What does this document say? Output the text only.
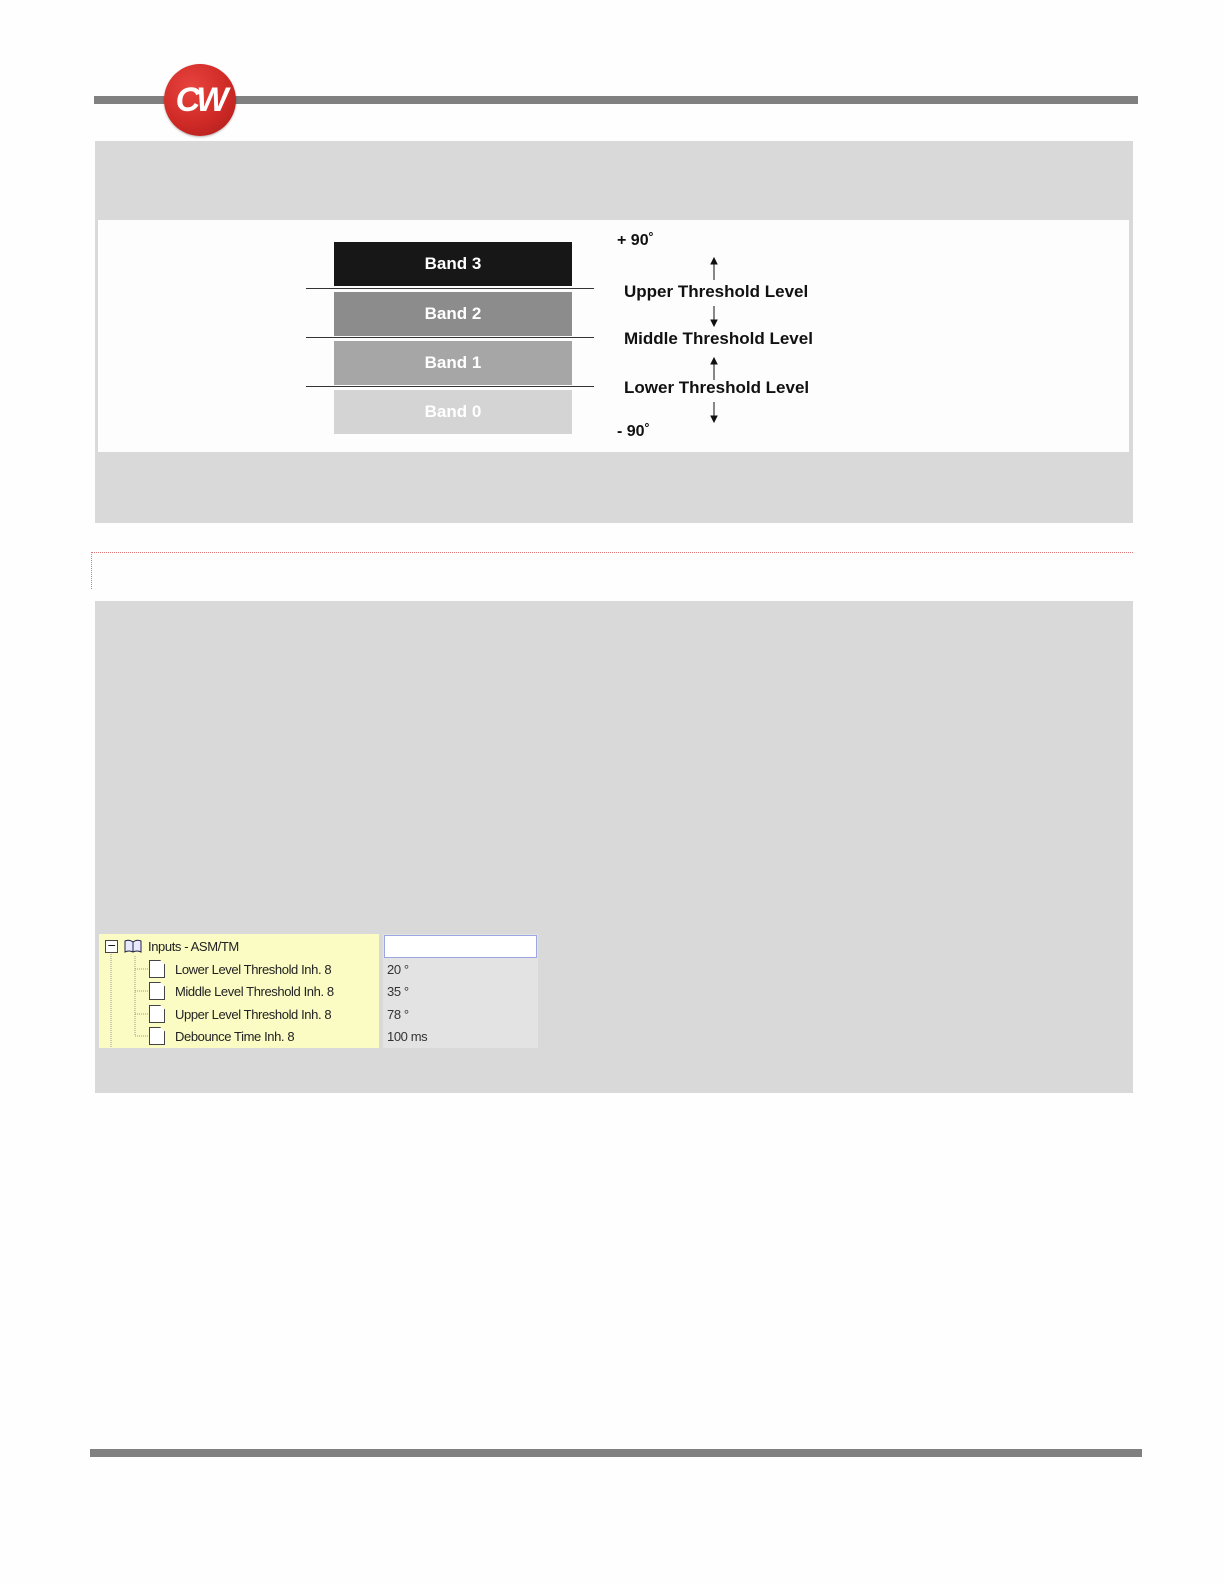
CW
Band 3
Band 2
Band 1
Band 0
+ 90˚
- 90˚
Upper Threshold Level
Middle Threshold Level
Lower Threshold Level
− Inputs - ASM/TM
Lower Level Threshold Inh. 8
Middle Level Threshold Inh. 8
Upper Level Threshold Inh. 8
Debounce Time Inh. 8
20 °
35 °
78 °
100 ms
